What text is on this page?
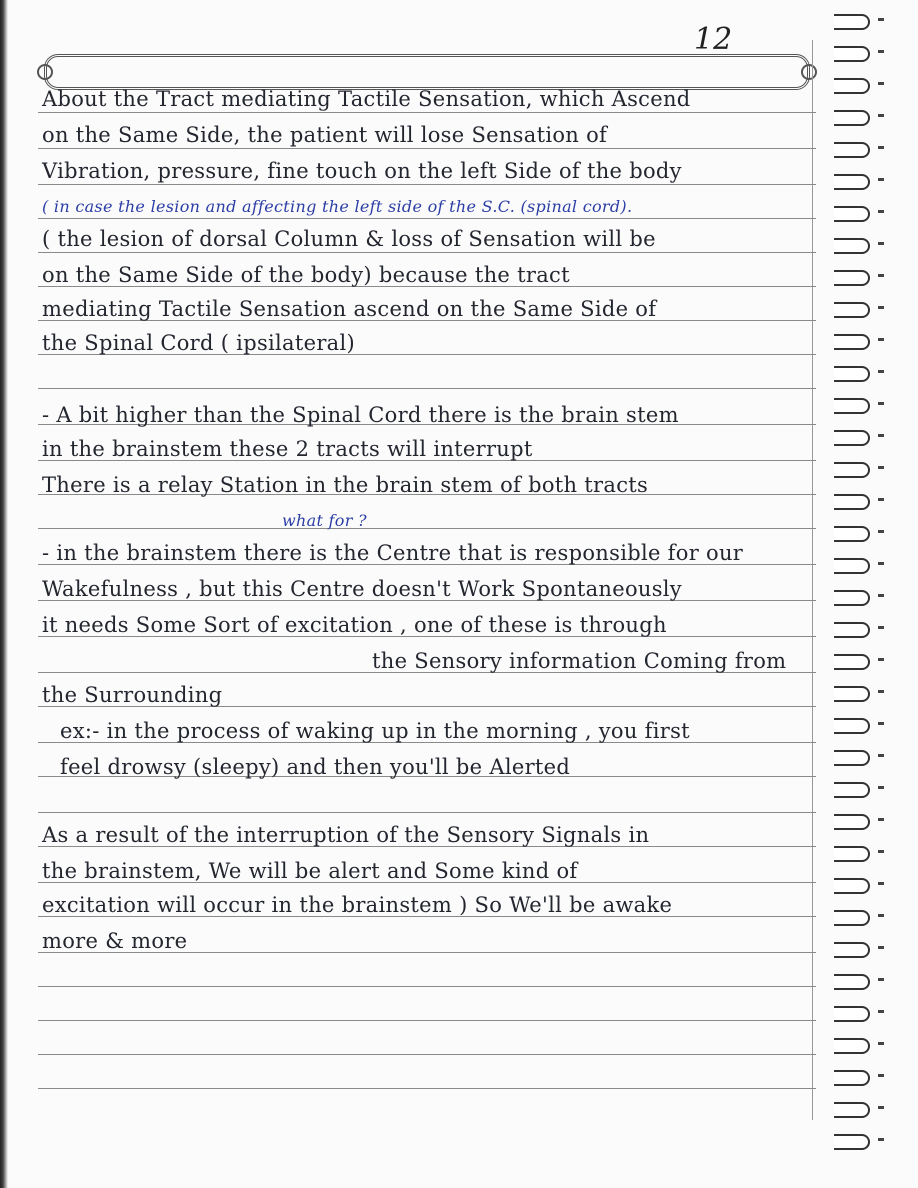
12
About the Tract mediating Tactile Sensation, which Ascend
on the Same Side, the patient will lose Sensation of
Vibration, pressure, fine touch on the left Side of the body
( in case the lesion and affecting the left side of the S.C. (spinal cord).
( the lesion of dorsal Column & loss of Sensation will be
on the Same Side of the body) because the tract
mediating Tactile Sensation ascend on the Same Side of
the Spinal Cord ( ipsilateral)
- A bit higher than the Spinal Cord there is the brain stem
in the brainstem these 2 tracts will interrupt
There is a relay Station in the brain stem of both tracts
what for ?
- in the brainstem there is the Centre that is responsible for our
Wakefulness , but this Centre doesn't Work Spontaneously
it needs Some Sort of excitation , one of these is through
the Sensory information Coming from
the Surrounding
ex:- in the process of waking up in the morning , you first
feel drowsy (sleepy) and then you'll be Alerted
As a result of the interruption of the Sensory Signals in
the brainstem, We will be alert and Some kind of
excitation will occur in the brainstem ) So We'll be awake
more & more
